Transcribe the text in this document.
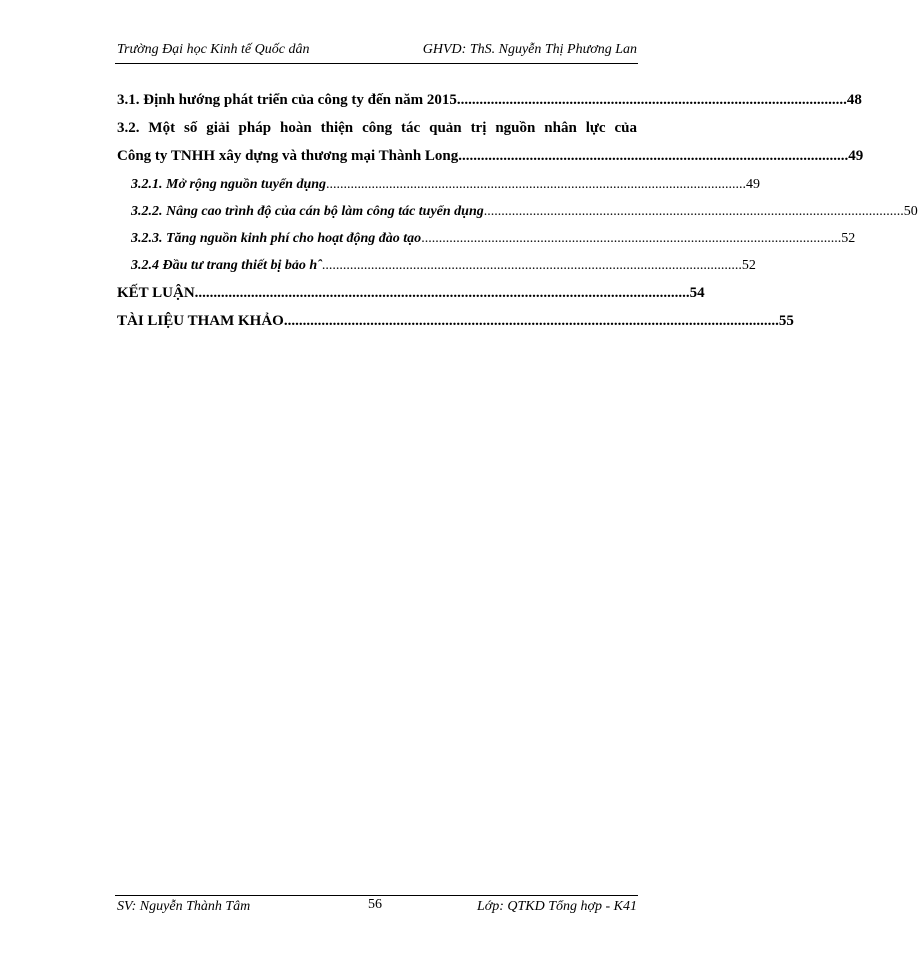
Trường Đại học Kinh tế Quốc dân	GHVD: ThS. Nguyễn Thị Phương Lan
3.1. Định hướng phát triển của công ty đến năm 2015 ........................................................................................................ 48
3.2. Một số giải pháp hoàn thiện công tác quản trị nguồn nhân lực của
Công ty TNHH xây dựng và thương mại Thành Long ........................................................................................................ 49
3.2.1. Mở rộng nguồn tuyển dụng ........................................................................................................................ 49
3.2.2. Nâng cao trình độ của cán bộ làm công tác tuyển dụng ........................................................................................................................ 50
3.2.3. Tăng nguồn kinh phí cho hoạt động đào tạo ........................................................................................................................ 52
3.2.4 Đầu tư trang thiết bị bảo hˆ ........................................................................................................................ 52
KẾT LUẬN .................................................................................................................................... 54
TÀI LIỆU THAM KHẢO .................................................................................................................................... 55
SV: Nguyễn Thành Tâm	56	Lớp: QTKD Tổng hợp - K41
